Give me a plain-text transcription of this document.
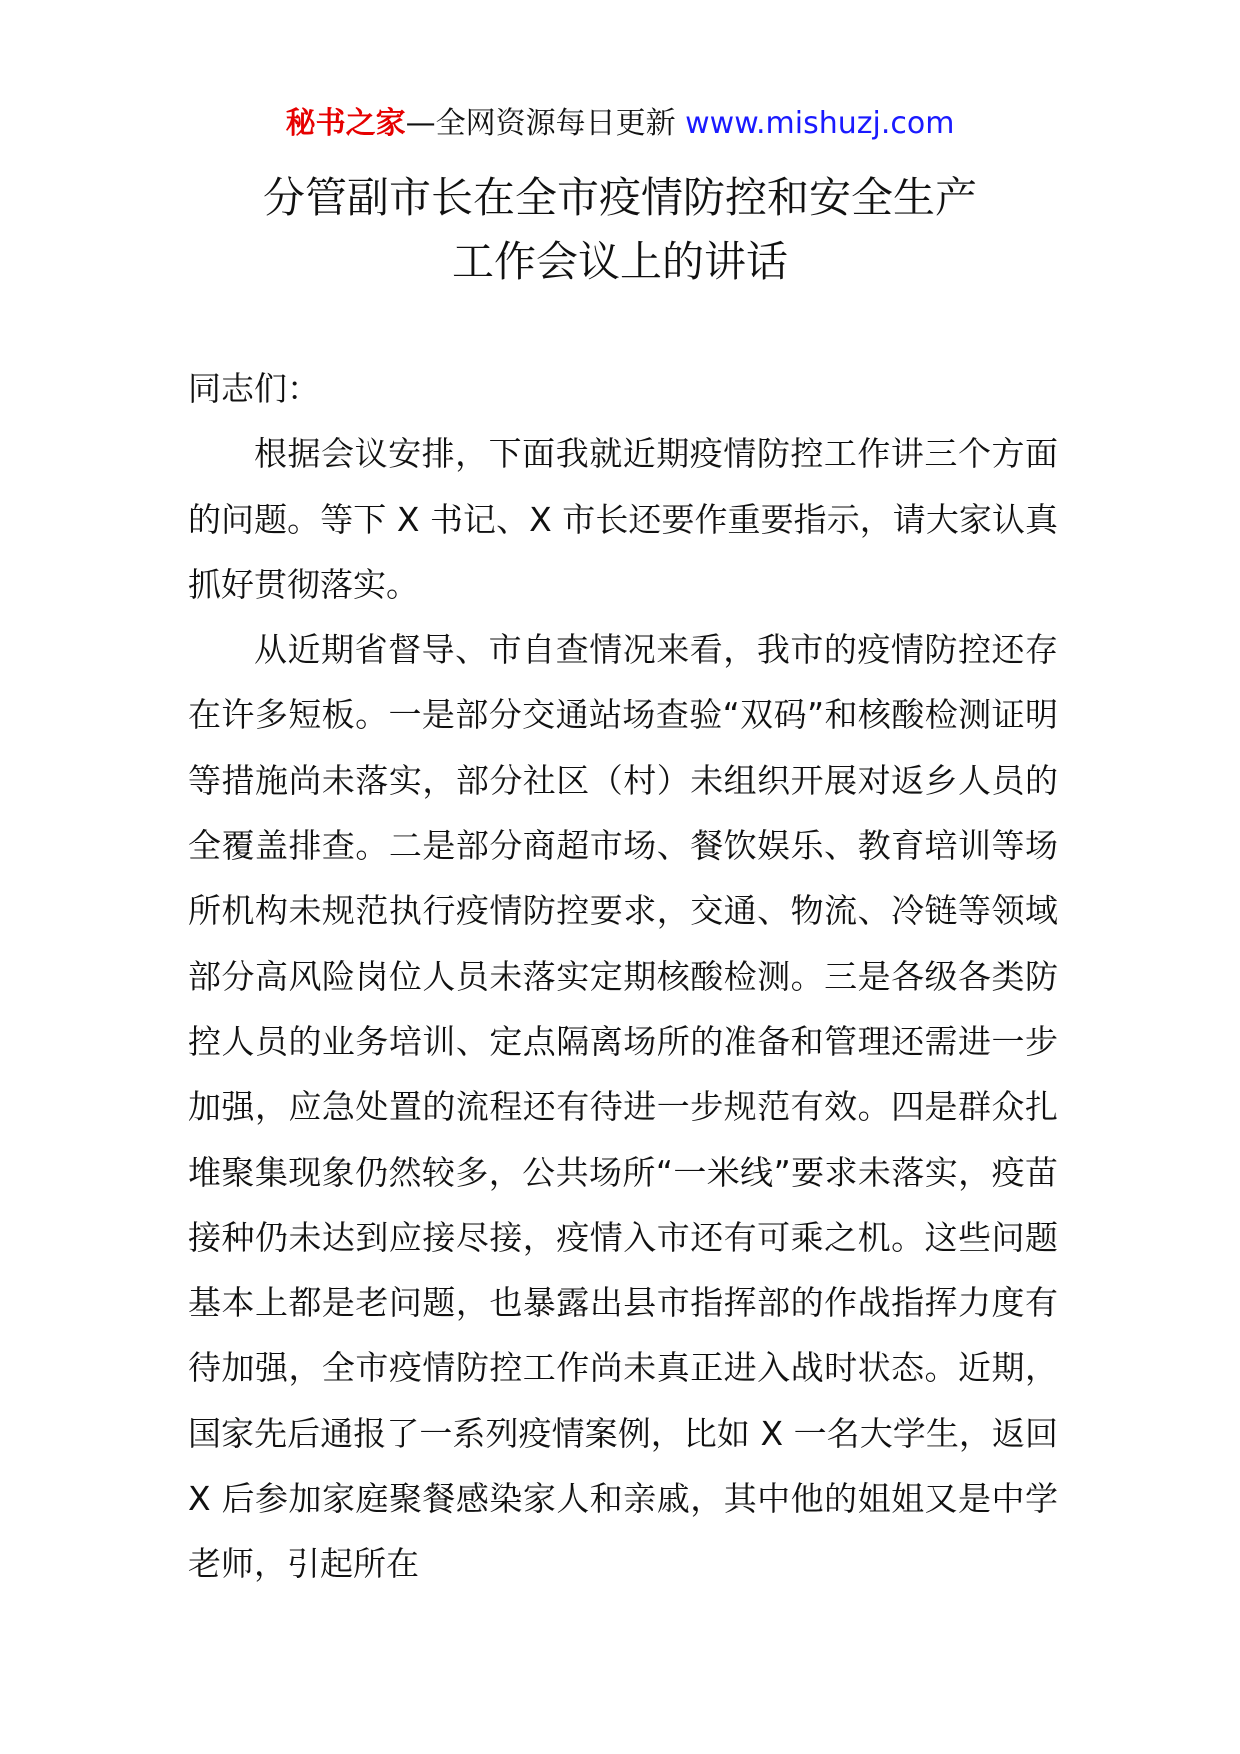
秘书之家—全网资源每日更新 www.mishuzj.com
分管副市长在全市疫情防控和安全生产
工作会议上的讲话

同志们：

根据会议安排，下面我就近期疫情防控工作讲三个方面的问题。等下 X 书记、X 市长还要作重要指示，请大家认真抓好贯彻落实。

从近期省督导、市自查情况来看，我市的疫情防控还存在许多短板。一是部分交通站场查验“双码”和核酸检测证明等措施尚未落实，部分社区（村）未组织开展对返乡人员的全覆盖排查。二是部分商超市场、餐饮娱乐、教育培训等场所机构未规范执行疫情防控要求，交通、物流、冷链等领域部分高风险岗位人员未落实定期核酸检测。三是各级各类防控人员的业务培训、定点隔离场所的准备和管理还需进一步加强，应急处置的流程还有待进一步规范有效。四是群众扎堆聚集现象仍然较多，公共场所“一米线”要求未落实，疫苗接种仍未达到应接尽接，疫情入市还有可乘之机。这些问题基本上都是老问题，也暴露出县市指挥部的作战指挥力度有待加强，全市疫情防控工作尚未真正进入战时状态。近期，国家先后通报了一系列疫情案例，比如 X 一名大学生，返回 X 后参加家庭聚餐感染家人和亲戚，其中他的姐姐又是中学老师，引起所在
